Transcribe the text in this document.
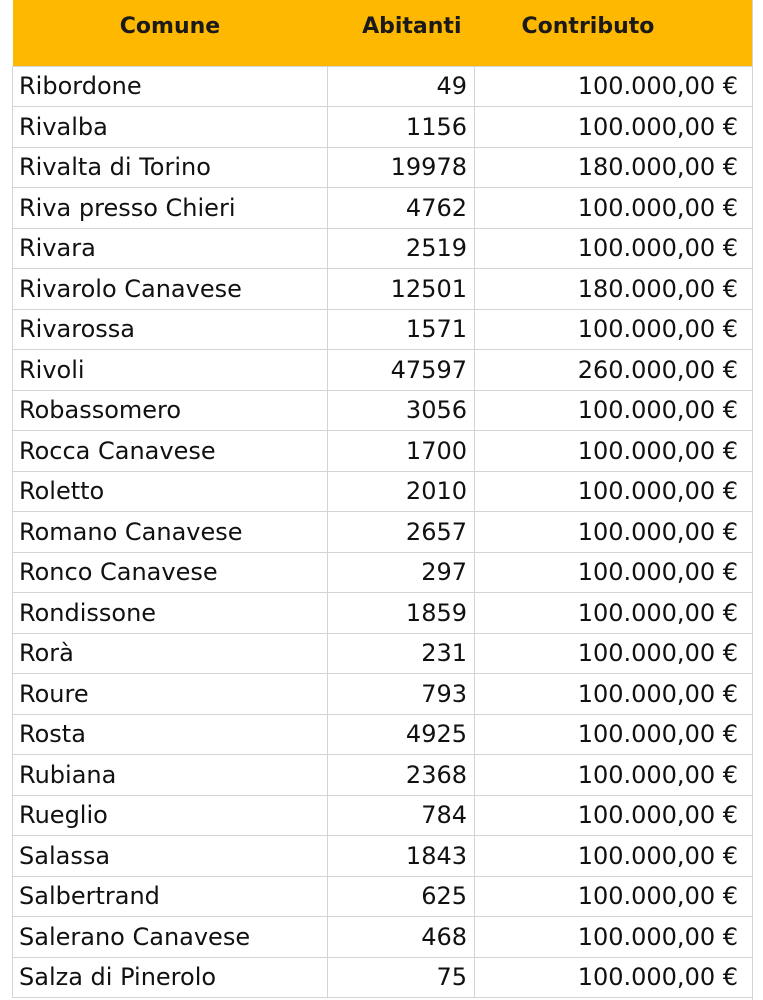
Comune	Abitanti	Contributo
Ribordone	49	100.000,00 €
Rivalba	1156	100.000,00 €
Rivalta di Torino	19978	180.000,00 €
Riva presso Chieri	4762	100.000,00 €
Rivara	2519	100.000,00 €
Rivarolo Canavese	12501	180.000,00 €
Rivarossa	1571	100.000,00 €
Rivoli	47597	260.000,00 €
Robassomero	3056	100.000,00 €
Rocca Canavese	1700	100.000,00 €
Roletto	2010	100.000,00 €
Romano Canavese	2657	100.000,00 €
Ronco Canavese	297	100.000,00 €
Rondissone	1859	100.000,00 €
Rorà	231	100.000,00 €
Roure	793	100.000,00 €
Rosta	4925	100.000,00 €
Rubiana	2368	100.000,00 €
Rueglio	784	100.000,00 €
Salassa	1843	100.000,00 €
Salbertrand	625	100.000,00 €
Salerano Canavese	468	100.000,00 €
Salza di Pinerolo	75	100.000,00 €
